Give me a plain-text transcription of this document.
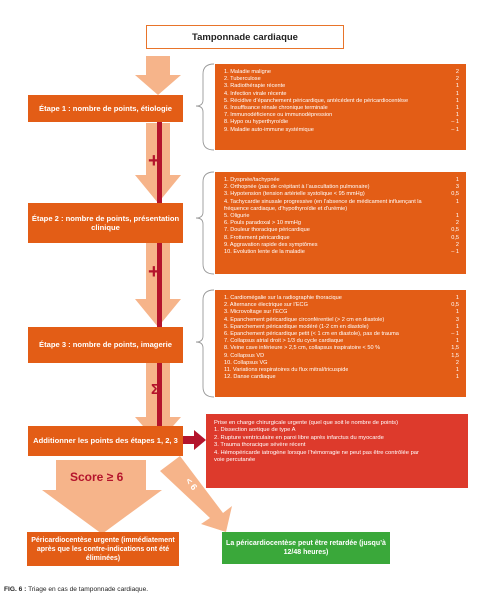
Tamponnade cardiaque
Étape 1 : nombre de points, étiologie
Étape 2 : nombre de points, présentation clinique
Étape 3 : nombre de points, imagerie
Additionner les points des étapes 1, 2, 3
+
+
Σ
Score ≥ 6	< 6
1. Maladie maligne	2
2. Tuberculose	2
3. Radiothérapie récente	1
4. Infection virale récente	1
5. Récidive d’épanchement péricardique, antécédent de péricardiocentèse	1
6. Insuffisance rénale chronique terminale	1
7. Immunodéficience ou immunodépression	1
8. Hypo ou hyperthyroïdie	– 1
9. Maladie auto-immune systémique	– 1
1. Dyspnée/tachypnée	1
2. Orthopnée (pas de crépitant à l’auscultation pulmonaire)	3
3. Hypotension (tension artérielle systolique < 95 mmHg)	0,5
4. Tachycardie sinusale progressive (en l’absence de médicament influençant la fréquence cardiaque, d’hypothyroïdie et d’urémie)
1
5. Oligurie	1
6. Pouls paradoxal > 10 mmHg	2
7. Douleur thoracique péricardique	0,5
8. Frottement péricardique	0,5
9. Aggravation rapide des symptômes	2
10. Évolution lente de la maladie	– 1
1. Cardiomégalie sur la radiographie thoracique	1
2. Alternance électrique sur l’ECG	0,5
3. Microvoltage sur l’ECG	1
4. Épanchement péricardique circonférentiel (> 2 cm en diastole)	3
5. Épanchement péricardique modéré (1-2 cm en diastole)	1
6. Épanchement péricardique petit (< 1 cm en diastole), pas de trauma	– 1
7. Collapsus atrial droit > 1/3 du cycle cardiaque	1
8. Veine cave inférieure > 2,5 cm, collapsus inspiratoire < 50 %	1,5
9. Collapsus VD	1,5
10. Collapsus VG	2
11. Variations respiratoires du flux mitral/tricuspide	1
12. Danse cardiaque	1
Prise en charge chirurgicale urgente (quel que soit le nombre de points)
1. Dissection aortique de type A
2. Rupture ventriculaire en paroi libre après infarctus du myocarde
3. Trauma thoracique sévère récent
4. Hémopéricarde iatrogène lorsque l’hémorragie ne peut pas être contrôlée par voie percutanée
Péricardiocentèse urgente (immédiatement après que les contre-indications ont été éliminées)
La péricardiocentèse peut être retardée (jusqu’à 12/48 heures)
FIG. 6 : Triage en cas de tamponnade cardiaque.
